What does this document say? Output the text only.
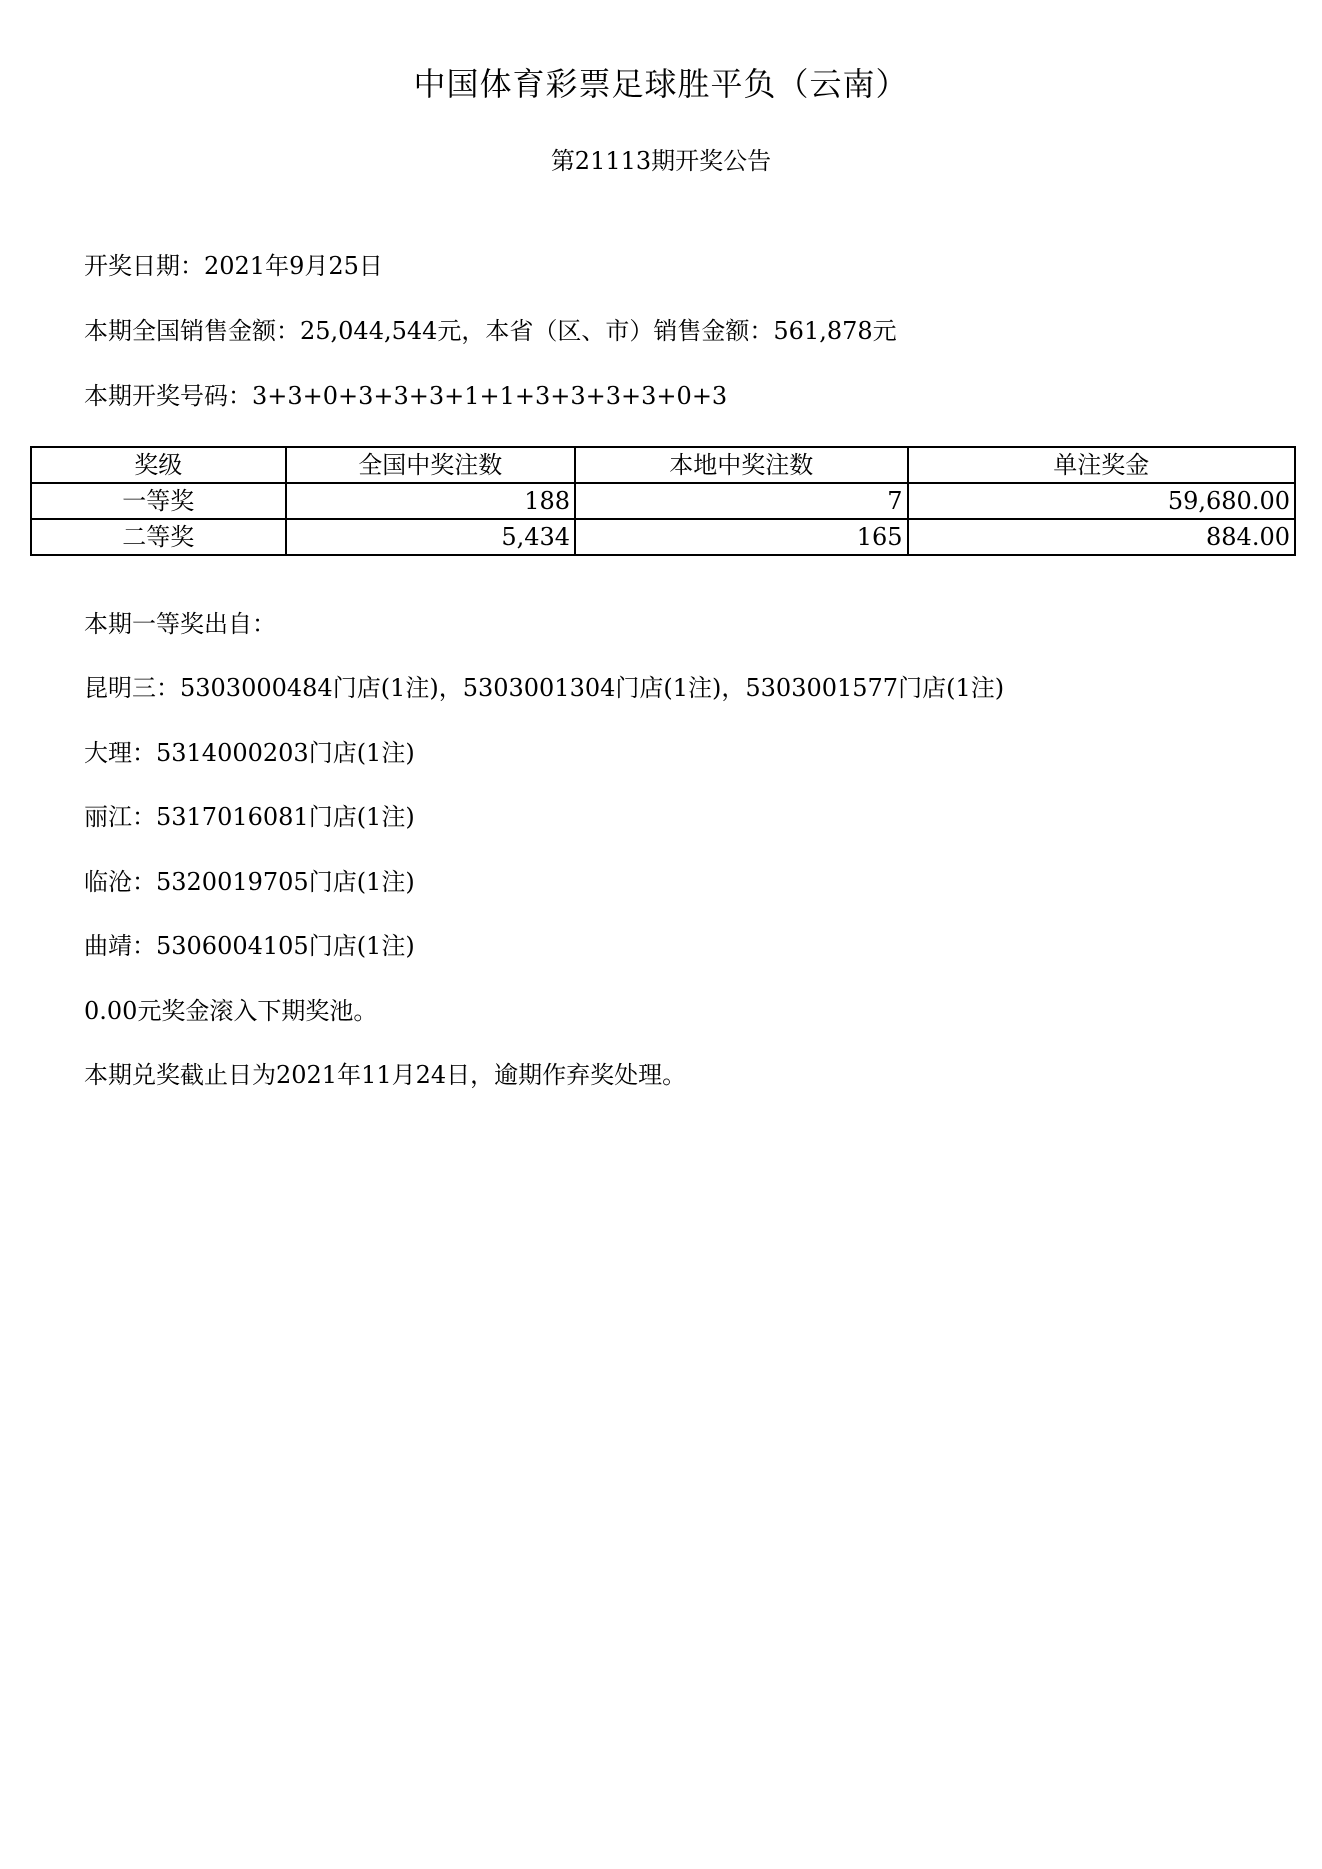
中国体育彩票足球胜平负（云南）
第21113期开奖公告
开奖日期：2021年9月25日
本期全国销售金额：25,044,544元，本省（区、市）销售金额：561,878元
本期开奖号码：3+3+0+3+3+3+1+1+3+3+3+3+0+3
奖级	全国中奖注数	本地中奖注数	单注奖金
一等奖	188	7	59,680.00
二等奖	5,434	165	884.00
本期一等奖出自：
昆明三：5303000484门店(1注)，5303001304门店(1注)，5303001577门店(1注)
大理：5314000203门店(1注)
丽江：5317016081门店(1注)
临沧：5320019705门店(1注)
曲靖：5306004105门店(1注)
0.00元奖金滚入下期奖池。
本期兑奖截止日为2021年11月24日，逾期作弃奖处理。
